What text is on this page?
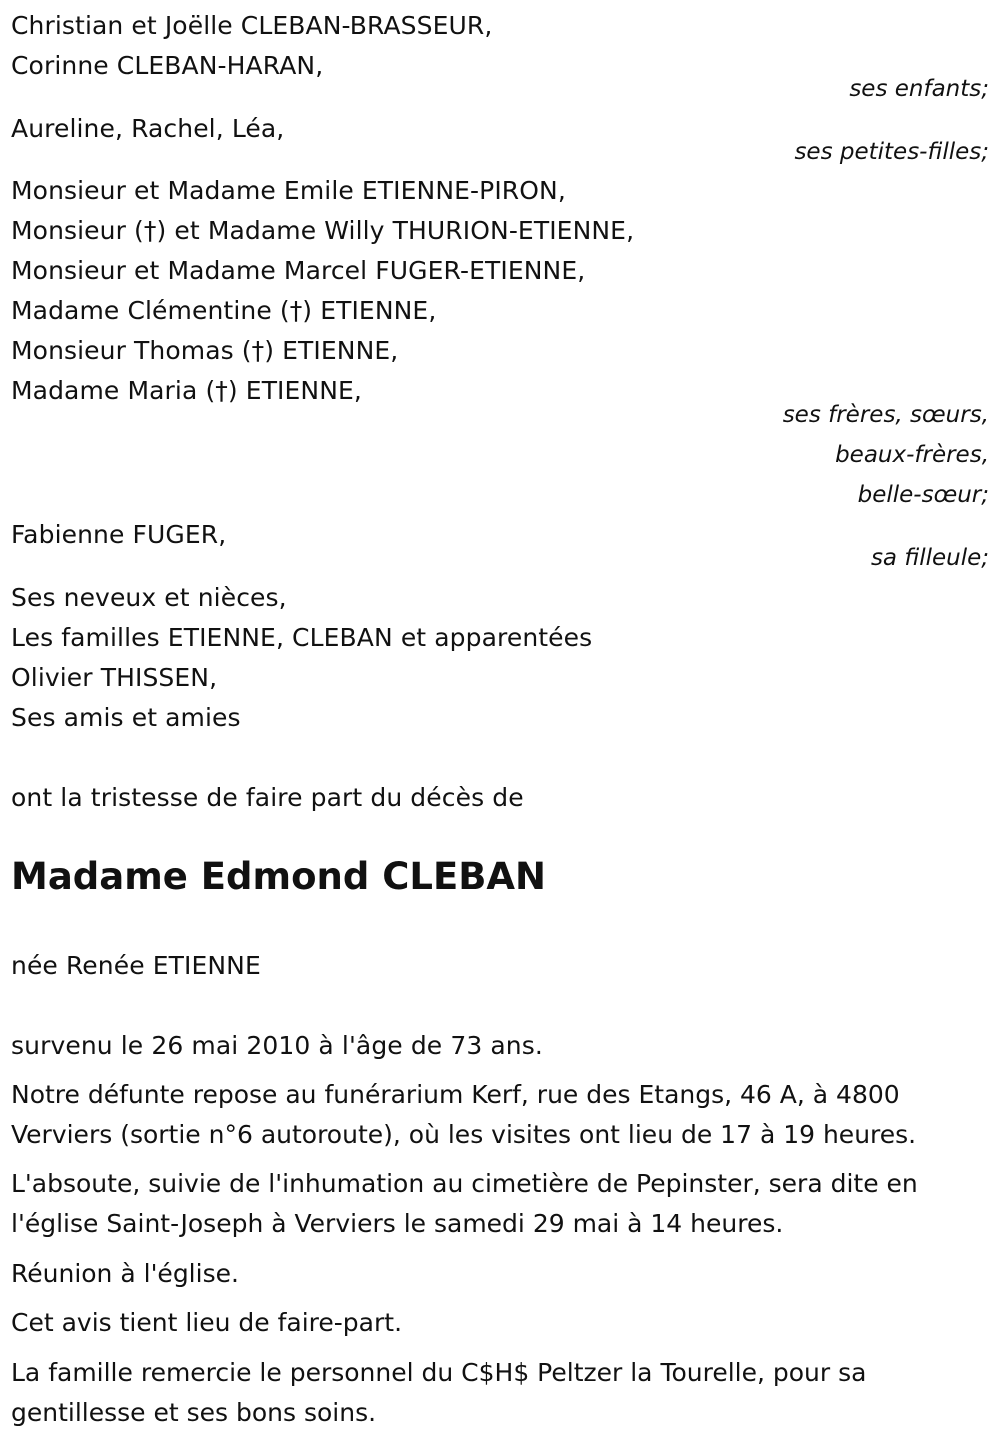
Christian et Joëlle CLEBAN-BRASSEUR,
Corinne CLEBAN-HARAN,
ses enfants;
Aureline, Rachel, Léa,
ses petites-filles;
Monsieur et Madame Emile ETIENNE-PIRON,
Monsieur (†) et Madame Willy THURION-ETIENNE,
Monsieur et Madame Marcel FUGER-ETIENNE,
Madame Clémentine (†) ETIENNE,
Monsieur Thomas (†) ETIENNE,
Madame Maria (†) ETIENNE,
ses frères, sœurs,
beaux-frères,
belle-sœur;
Fabienne FUGER,
sa filleule;
Ses neveux et nièces,
Les familles ETIENNE, CLEBAN et apparentées
Olivier THISSEN,
Ses amis et amies
ont la tristesse de faire part du décès de
Madame Edmond CLEBAN
née Renée ETIENNE
survenu le 26 mai 2010 à l'âge de 73 ans.
Notre défunte repose au funérarium Kerf, rue des Etangs, 46 A, à 4800 Verviers (sortie n°6 autoroute), où les visites ont lieu de 17 à 19 heures.
L'absoute, suivie de l'inhumation au cimetière de Pepinster, sera dite en l'église Saint-Joseph à Verviers le samedi 29 mai à 14 heures.
Réunion à l'église.
Cet avis tient lieu de faire-part.
La famille remercie le personnel du C$H$ Peltzer la Tourelle, pour sa gentillesse et ses bons soins.
